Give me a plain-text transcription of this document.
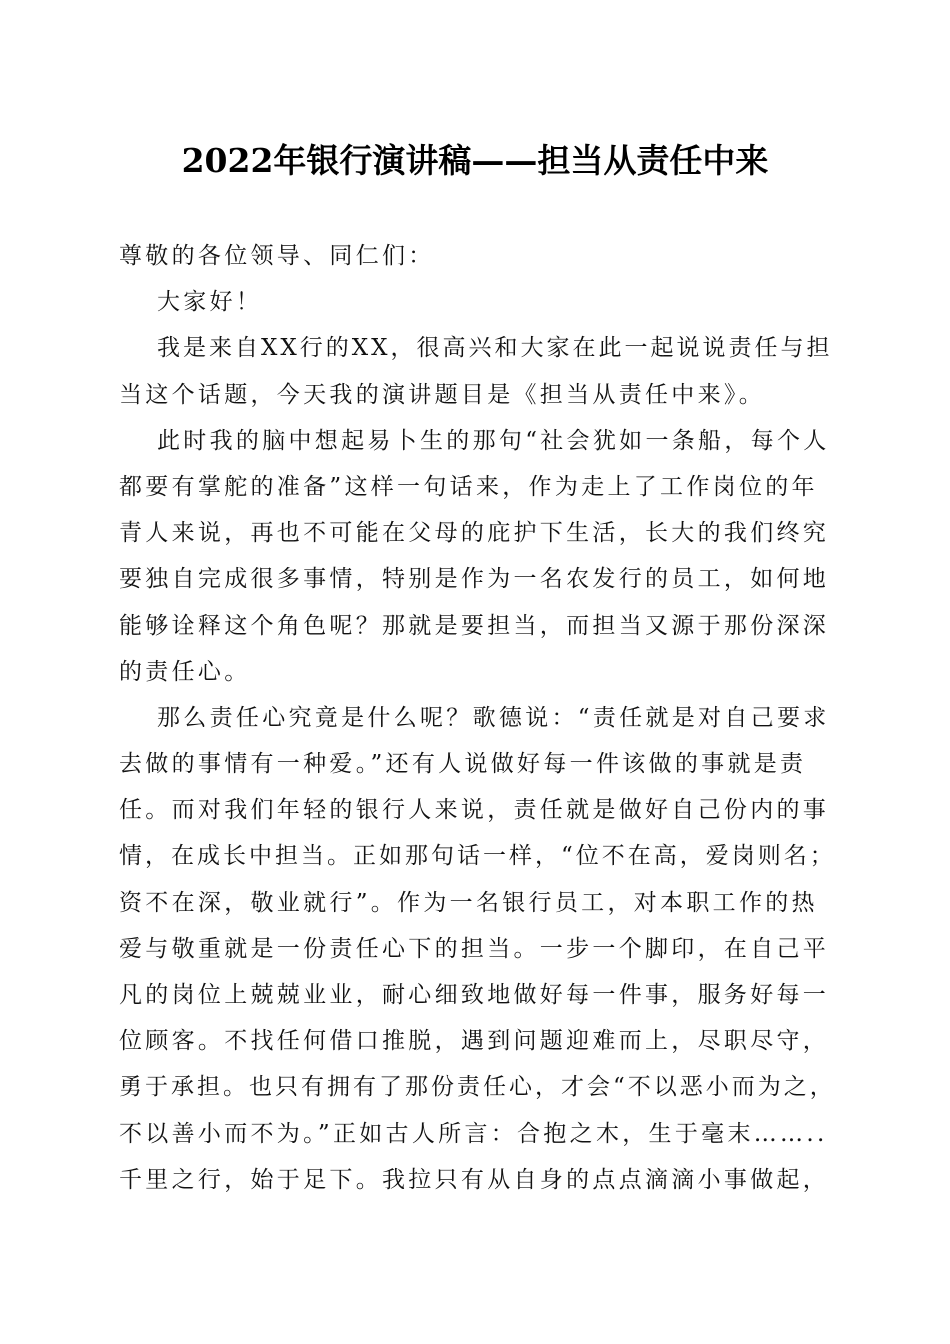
2022年银行演讲稿——担当从责任中来
尊敬的各位领导、同仁们：
大家好！
我是来自XX行的XX，很高兴和大家在此一起说说责任与担
当这个话题，今天我的演讲题目是《担当从责任中来》。
此时我的脑中想起易卜生的那句“社会犹如一条船，每个人
都要有掌舵的准备”这样一句话来，作为走上了工作岗位的年
青人来说，再也不可能在父母的庇护下生活，长大的我们终究
要独自完成很多事情，特别是作为一名农发行的员工，如何地
能够诠释这个角色呢？那就是要担当，而担当又源于那份深深
的责任心。
那么责任心究竟是什么呢？歌德说：“责任就是对自己要求
去做的事情有一种爱。”还有人说做好每一件该做的事就是责
任。而对我们年轻的银行人来说，责任就是做好自己份内的事
情，在成长中担当。正如那句话一样，“位不在高，爱岗则名；
资不在深，敬业就行”。作为一名银行员工，对本职工作的热
爱与敬重就是一份责任心下的担当。一步一个脚印，在自己平
凡的岗位上兢兢业业，耐心细致地做好每一件事，服务好每一
位顾客。不找任何借口推脱，遇到问题迎难而上，尽职尽守，
勇于承担。也只有拥有了那份责任心，才会“不以恶小而为之，
不以善小而不为。”正如古人所言：合抱之木，生于毫末……..
千里之行，始于足下。我拉只有从自身的点点滴滴小事做起，
